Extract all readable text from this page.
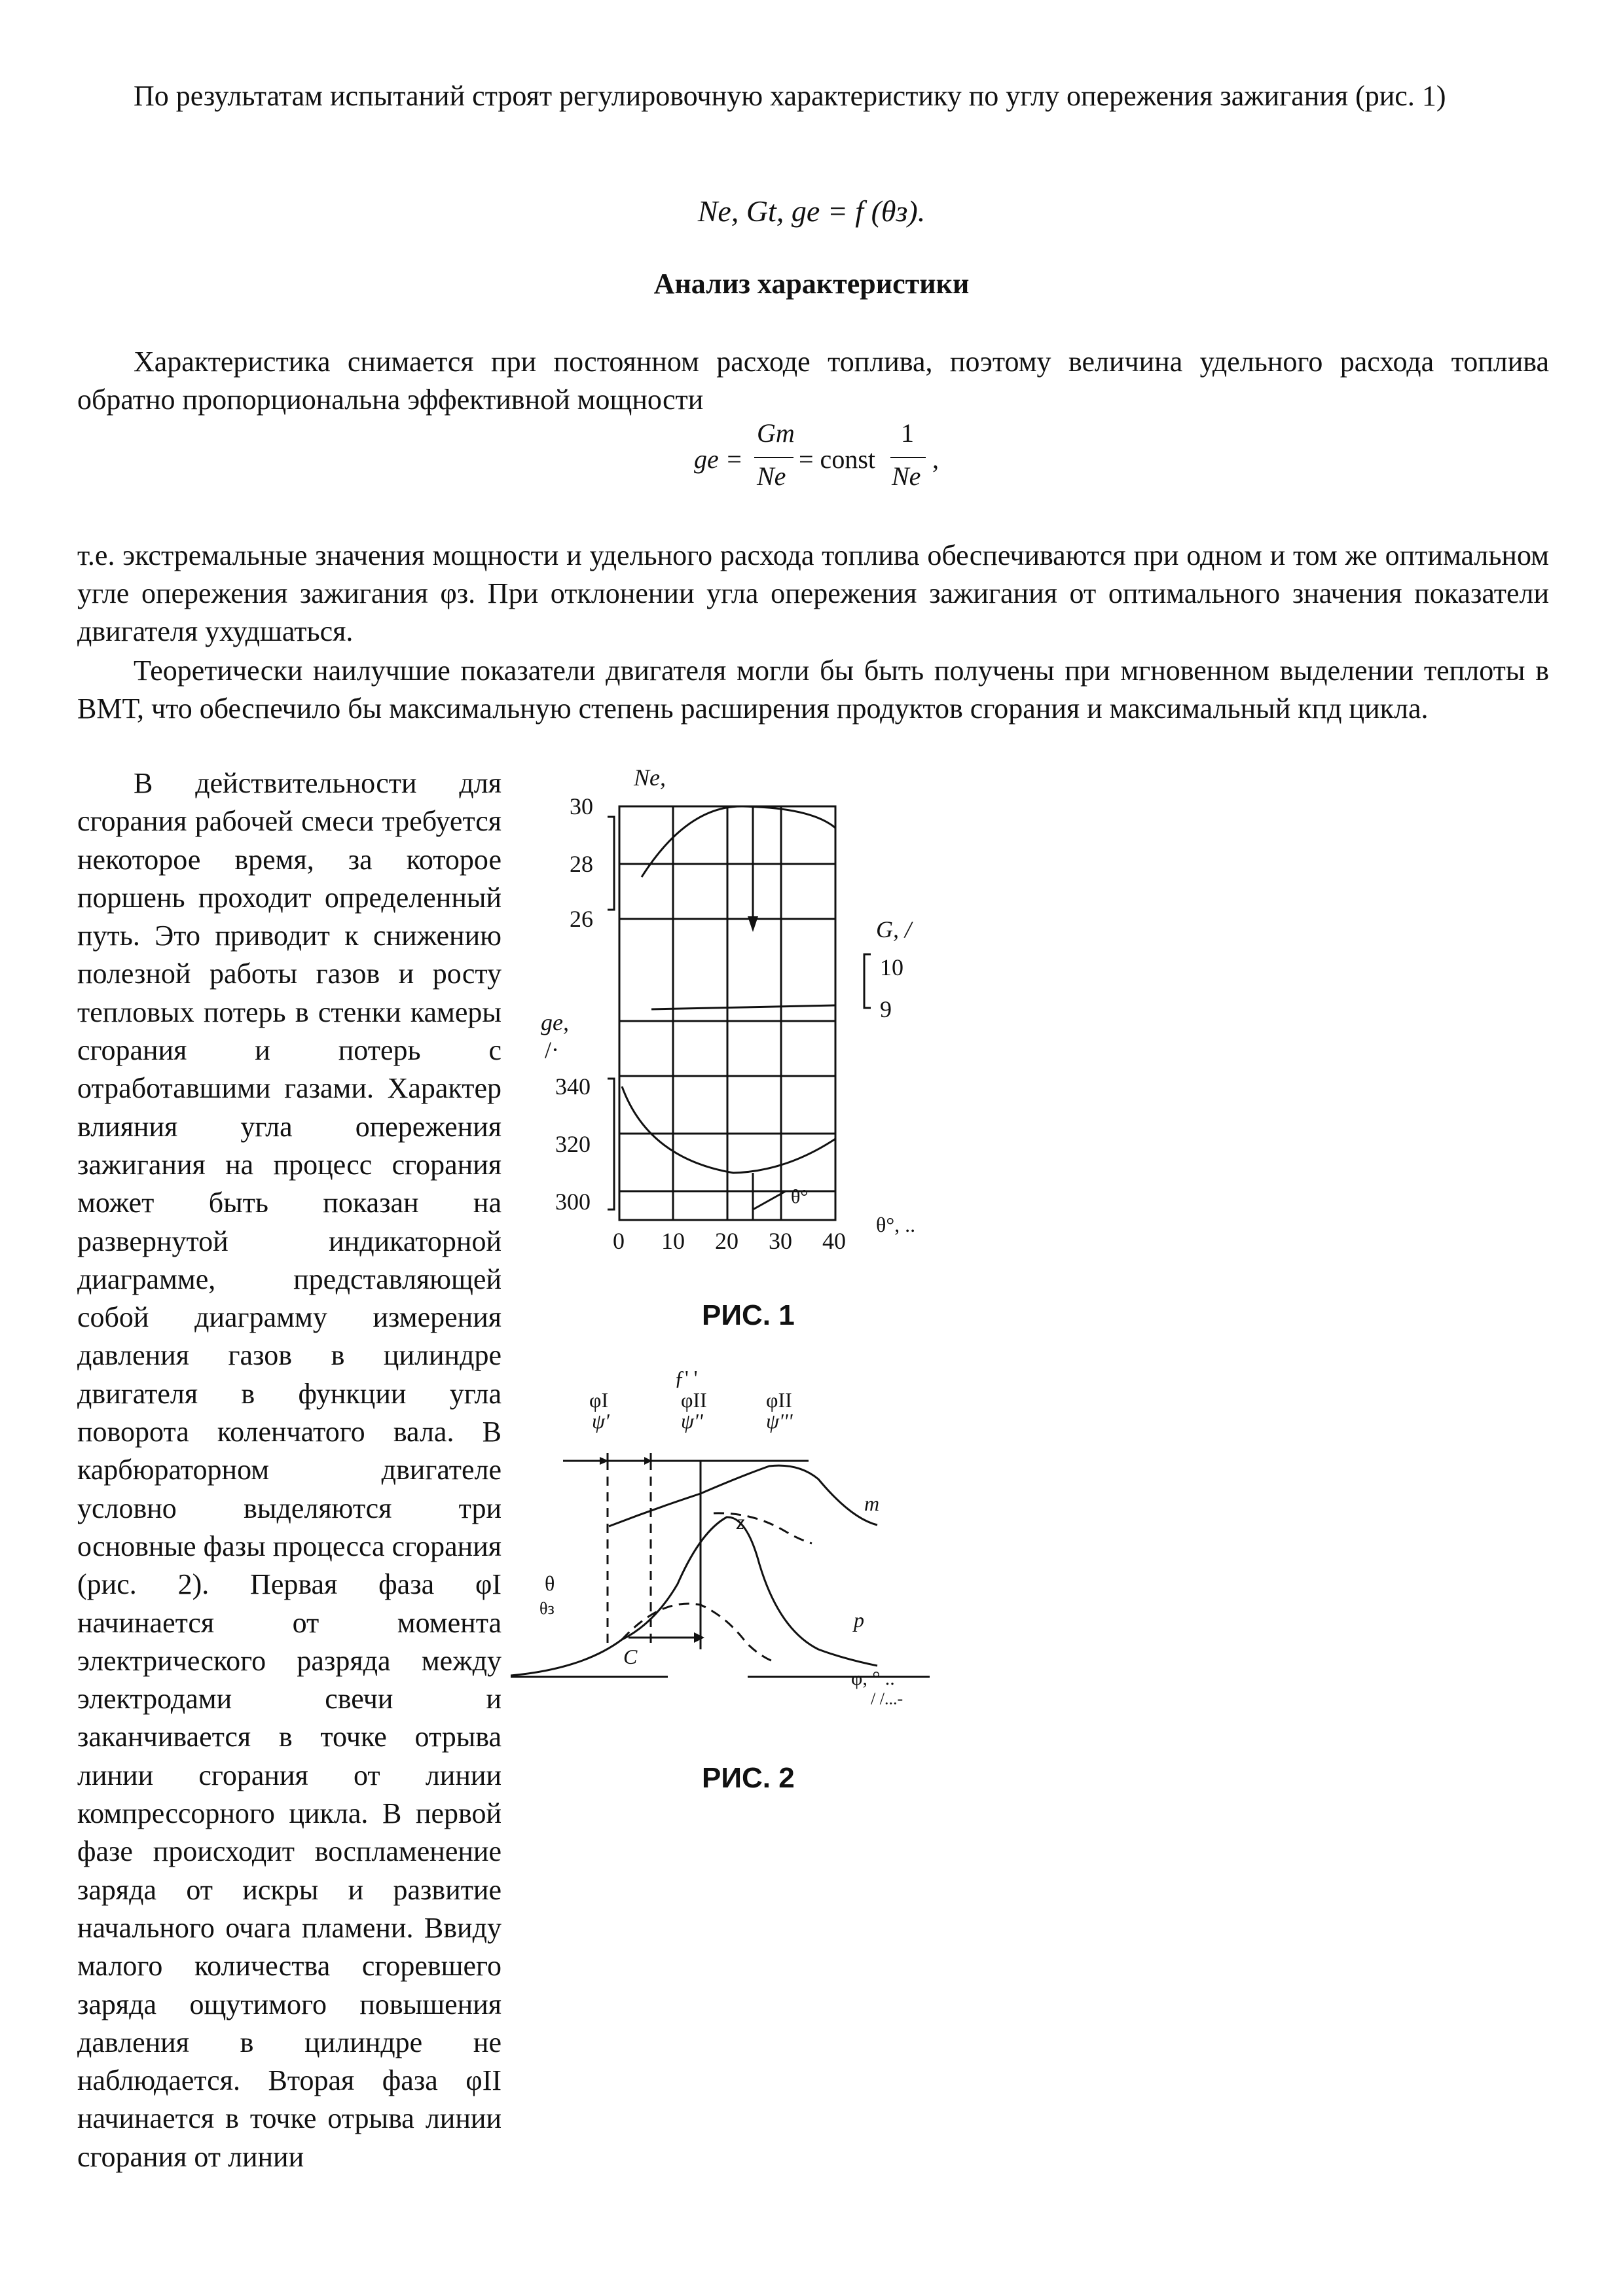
По результатам испытаний строят регулировочную характеристику по углу опережения зажигания (рис. 1)
Ne, Gt, ge = f (θз).
Анализ характеристики
Характеристика снимается при постоянном расходе топлива, поэтому величина удельного расхода топлива обратно пропорциональна эффективной мощности
ge =
Gт
Ne
= const
1
Ne
,
т.е. экстремальные значения мощности и удельного расхода топлива обеспечиваются при одном и том же оптимальном угле опережения зажигания φз. При отклонении угла опережения зажигания от оптимального значения показатели двигателя ухудшаться.
Теоретически наилучшие показатели двигателя могли бы быть получены при мгновенном выделении теплоты в ВМТ, что обеспечило бы максимальную степень расширения продуктов сгорания и максимальный кпд цикла.
В действительности для сгорания рабочей смеси требуется некоторое время, за которое поршень проходит определенный путь. Это приводит к снижению полезной работы газов и росту тепловых потерь в стенки камеры сгорания и потерь с отработавшими газами. Характер влияния угла опережения зажигания на процесс сгорания может быть показан на развернутой индикаторной диаграмме, представляющей собой диаграмму измерения давления газов в цилиндре двигателя в функции угла поворота коленчатого вала. В карбюраторном двигателе условно выделяются три основные фазы процесса сгорания (рис. 2). Первая фаза φI начинается от момента электрического разряда между электродами свечи и заканчивается в точке отрыва линии сгорания от линии компрессорного цикла. В первой фазе происходит воспламенение заряда от искры и развитие начального очага пламени. Ввиду малого количества сгоревшего заряда ощутимого повышения давления в цилиндре не наблюдается. Вторая фаза φII начинается в точке отрыва линии сгорания от линии
Ne,
G, /
ge,
/·
30
28
26
10
9
340
320
300
0 10 20 30 40
θ°
θ°, ..
РИС. 1
ƒ' '
φI
ψ'
φII
ψ''
φII
ψ'''
т
z
р
C
θ
θз
φ, ° ..
/ /...-
РИС. 2
